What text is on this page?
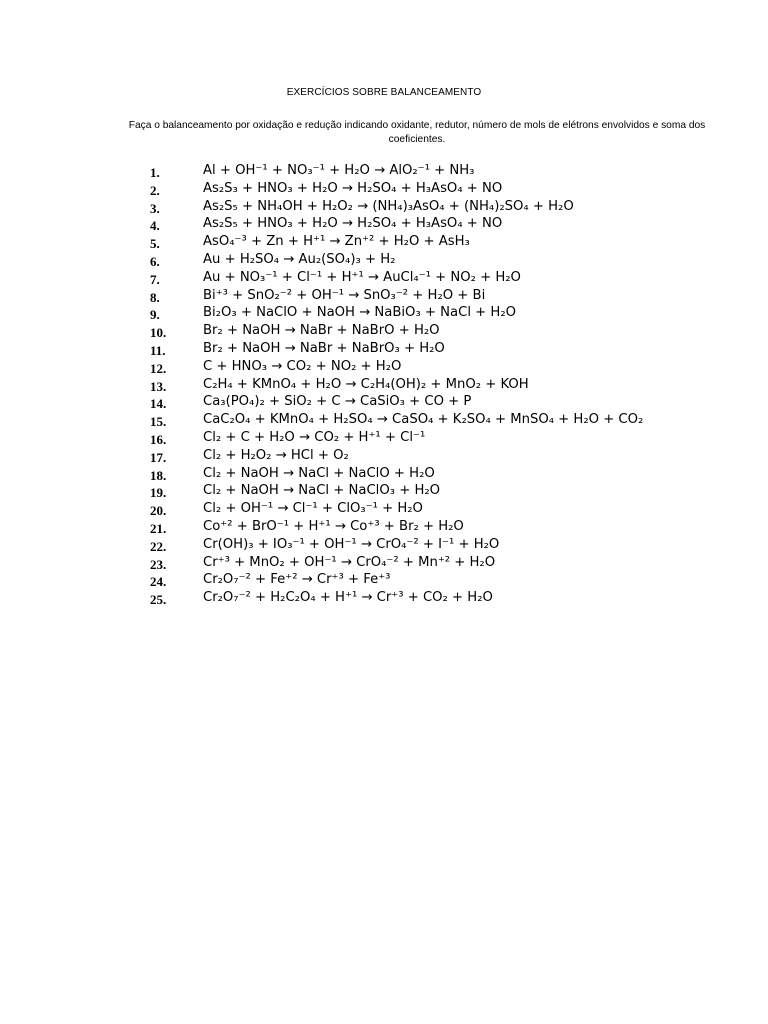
EXERCÍCIOS SOBRE BALANCEAMENTO
Faça o balanceamento por oxidação e redução indicando oxidante, redutor, número de mols de elétrons envolvidos e soma dos coeficientes.
1.	Al + OH⁻¹ + NO₃⁻¹ + H₂O → AlO₂⁻¹ + NH₃
2.	As₂S₃ + HNO₃ + H₂O → H₂SO₄ + H₃AsO₄ + NO
3.	As₂S₅ + NH₄OH + H₂O₂ → (NH₄)₃AsO₄ + (NH₄)₂SO₄ + H₂O
4.	As₂S₅ + HNO₃ + H₂O → H₂SO₄ + H₃AsO₄ + NO
5.	AsO₄⁻³ + Zn + H⁺¹ → Zn⁺² + H₂O + AsH₃
6.	Au + H₂SO₄ → Au₂(SO₄)₃ + H₂
7.	Au + NO₃⁻¹ + Cl⁻¹ + H⁺¹ → AuCl₄⁻¹ + NO₂ + H₂O
8.	Bi⁺³ + SnO₂⁻² + OH⁻¹ → SnO₃⁻² + H₂O + Bi
9.	Bi₂O₃ + NaClO + NaOH → NaBiO₃ + NaCl + H₂O
10.	Br₂ + NaOH → NaBr + NaBrO + H₂O
11.	Br₂ + NaOH → NaBr + NaBrO₃ + H₂O
12.	C + HNO₃ → CO₂ + NO₂ + H₂O
13.	C₂H₄ + KMnO₄ + H₂O → C₂H₄(OH)₂ + MnO₂ + KOH
14.	Ca₃(PO₄)₂ + SiO₂ + C → CaSiO₃ + CO + P
15.	CaC₂O₄ + KMnO₄ + H₂SO₄ → CaSO₄ + K₂SO₄ + MnSO₄ + H₂O + CO₂
16.	Cl₂ + C + H₂O → CO₂ + H⁺¹ + Cl⁻¹
17.	Cl₂ + H₂O₂ → HCl + O₂
18.	Cl₂ + NaOH → NaCl + NaClO + H₂O
19.	Cl₂ + NaOH → NaCl + NaClO₃ + H₂O
20.	Cl₂ + OH⁻¹ → Cl⁻¹ + ClO₃⁻¹ + H₂O
21.	Co⁺² + BrO⁻¹ + H⁺¹ → Co⁺³ + Br₂ + H₂O
22.	Cr(OH)₃ + IO₃⁻¹ + OH⁻¹ → CrO₄⁻² + I⁻¹ + H₂O
23.	Cr⁺³ + MnO₂ + OH⁻¹ → CrO₄⁻² + Mn⁺² + H₂O
24.	Cr₂O₇⁻² + Fe⁺² → Cr⁺³ + Fe⁺³
25.	Cr₂O₇⁻² + H₂C₂O₄ + H⁺¹ → Cr⁺³ + CO₂ + H₂O
